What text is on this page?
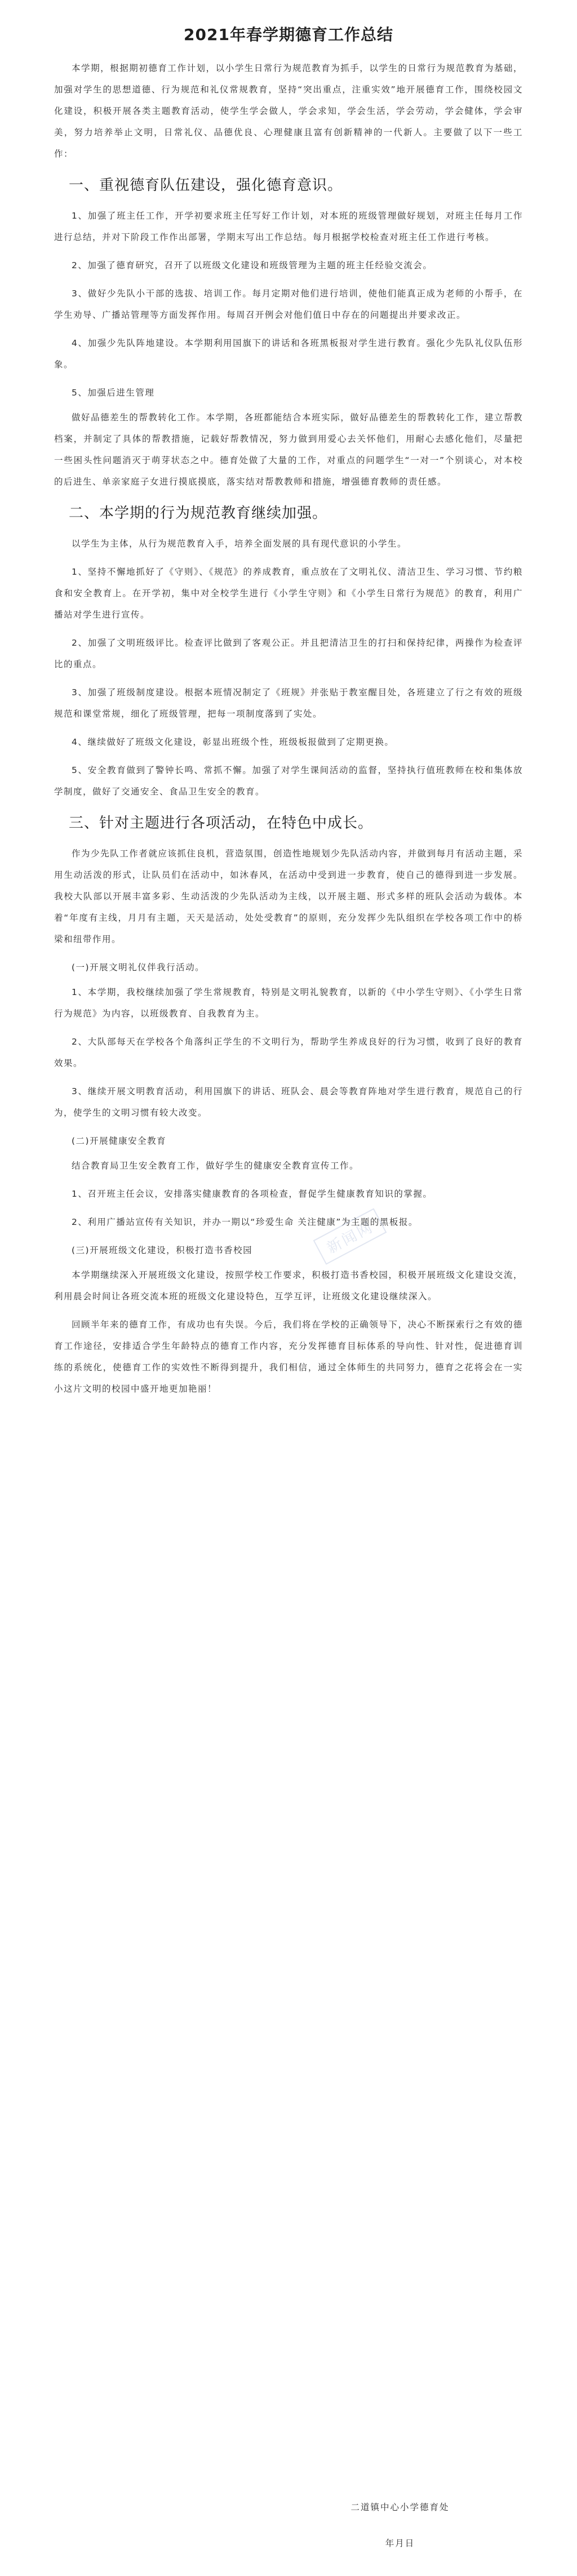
2021年春学期德育工作总结

本学期，根据期初德育工作计划，以小学生日常行为规范教育为抓手，以学生的日常行为规范教育为基础，加强对学生的思想道德、行为规范和礼仪常规教育，坚持“突出重点，注重实效”地开展德育工作，围绕校园文化建设，积极开展各类主题教育活动，使学生学会做人，学会求知，学会生活，学会劳动，学会健体，学会审美，努力培养举止文明，日常礼仪、品德优良、心理健康且富有创新精神的一代新人。主要做了以下一些工作：

一、重视德育队伍建设，强化德育意识。

1、加强了班主任工作，开学初要求班主任写好工作计划，对本班的班级管理做好规划，对班主任每月工作进行总结，并对下阶段工作作出部署，学期末写出工作总结。每月根据学校检查对班主任工作进行考核。

2、加强了德育研究，召开了以班级文化建设和班级管理为主题的班主任经验交流会。

3、做好少先队小干部的选拔、培训工作。每月定期对他们进行培训，使他们能真正成为老师的小帮手，在学生劝导、广播站管理等方面发挥作用。每周召开例会对他们值日中存在的问题提出并要求改正。

4、加强少先队阵地建设。本学期利用国旗下的讲话和各班黑板报对学生进行教育。强化少先队礼仪队伍形象。

5、加强后进生管理

做好品德差生的帮教转化工作。本学期，各班都能结合本班实际，做好品德差生的帮教转化工作，建立帮教档案，并制定了具体的帮教措施，记载好帮教情况，努力做到用爱心去关怀他们，用耐心去感化他们，尽量把一些困头性问题消灭于萌芽状态之中。德育处做了大量的工作，对重点的问题学生“一对一”个别谈心，对本校的后进生、单亲家庭子女进行摸底摸底，落实结对帮教教师和措施，增强德育教师的责任感。

二、本学期的行为规范教育继续加强。

以学生为主体，从行为规范教育入手，培养全面发展的具有现代意识的小学生。

1、坚持不懈地抓好了《守则》、《规范》的养成教育，重点放在了文明礼仪、清洁卫生、学习习惯、节约粮食和安全教育上。在开学初，集中对全校学生进行《小学生守则》和《小学生日常行为规范》的教育，利用广播站对学生进行宣传。

2、加强了文明班级评比。检查评比做到了客观公正。并且把清洁卫生的打扫和保持纪律，两操作为检查评比的重点。

3、加强了班级制度建设。根据本班情况制定了《班规》并张贴于教室醒目处，各班建立了行之有效的班级规范和课堂常规，细化了班级管理，把每一项制度落到了实处。

4、继续做好了班级文化建设，彰显出班级个性，班级板报做到了定期更换。

5、安全教育做到了警钟长鸣、常抓不懈。加强了对学生课间活动的监督，坚持执行值班教师在校和集体放学制度，做好了交通安全、食品卫生安全的教育。

三、针对主题进行各项活动，在特色中成长。

作为少先队工作者就应该抓住良机，营造氛围，创造性地规划少先队活动内容，并做到每月有活动主题，采用生动活泼的形式，让队员们在活动中，如沐春风，在活动中受到进一步教育，使自己的德得到进一步发展。我校大队部以开展丰富多彩、生动活泼的少先队活动为主线，以开展主题、形式多样的班队会活动为载体。本着“年度有主线，月月有主题，天天是活动，处处受教育”的原则，充分发挥少先队组织在学校各项工作中的桥梁和纽带作用。

(一)开展文明礼仪伴我行活动。

1、本学期，我校继续加强了学生常规教育，特别是文明礼貌教育，以新的《中小学生守则》、《小学生日常行为规范》为内容，以班级教育、自我教育为主。

2、大队部每天在学校各个角落纠正学生的不文明行为，帮助学生养成良好的行为习惯，收到了良好的教育效果。

3、继续开展文明教育活动，利用国旗下的讲话、班队会、晨会等教育阵地对学生进行教育，规范自己的行为，使学生的文明习惯有较大改变。

(二)开展健康安全教育

结合教育局卫生安全教育工作，做好学生的健康安全教育宣传工作。

1、召开班主任会议，安排落实健康教育的各项检查，督促学生健康教育知识的掌握。

2、利用广播站宣传有关知识，并办一期以“珍爱生命 关注健康”为主题的黑板报。

(三)开展班级文化建设，积极打造书香校园

本学期继续深入开展班级文化建设，按照学校工作要求，积极打造书香校园，积极开展班级文化建设交流，利用晨会时间让各班交流本班的班级文化建设特色，互学互评，让班级文化建设继续深入。

回顾半年来的德育工作，有成功也有失误。今后，我们将在学校的正确领导下，决心不断探索行之有效的德育工作途径，安排适合学生年龄特点的德育工作内容，充分发挥德育目标体系的导向性、针对性，促进德育训练的系统化，使德育工作的实效性不断得到提升，我们相信，通过全体师生的共同努力，德育之花将会在一实小这片文明的校园中盛开地更加艳丽！

新闻网
二道镇中心小学德育处
年月日
